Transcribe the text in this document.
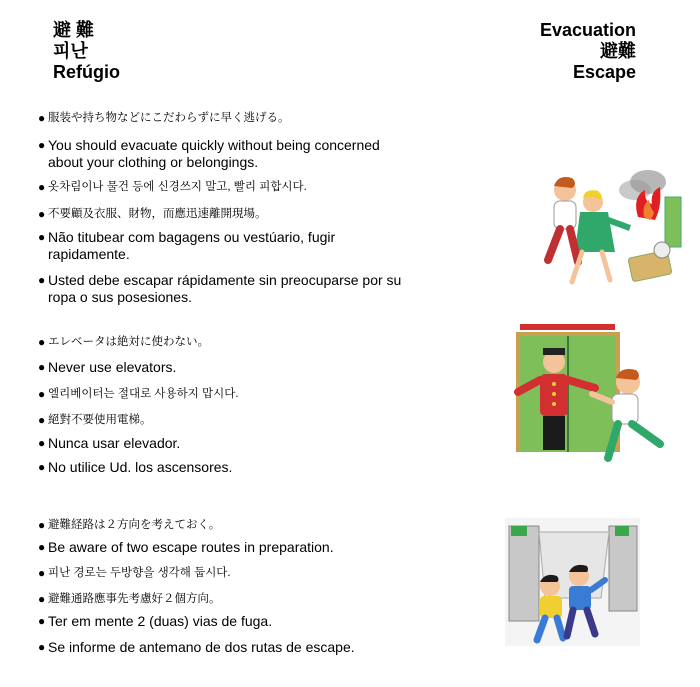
避 難
피난
Refúgio
Evacuation
避難
Escape
● 服装や持ち物などにこだわらずに早く逃げる。
● You should evacuate quickly without being concerned about your clothing or belongings.
● 옷차림이나 물건 등에 신경쓰지 말고, 빨리 피합시다.
● 不要顧及衣服、財物，而應迅速離開現場。
● Não titubear com bagagens ou vestúario, fugir rapidamente.
● Usted debe escapar rápidamente sin preocuparse por su ropa o sus posesiones.
● エレベータは絶対に使わない。
● Never use elevators.
● 엘리베이터는 절대로 사용하지 맙시다.
● 絕對不要使用電梯。
● Nunca usar elevador.
● No utilice Ud. los ascensores.
● 避難経路は２方向を考えておく。
● Be aware of two escape routes in preparation.
● 피난 경로는 두방향을 생각해 둡시다.
● 避難通路應事先考慮好２個方向。
● Ter em mente 2 (duas) vias de fuga.
● Se informe de antemano de dos rutas de escape.
